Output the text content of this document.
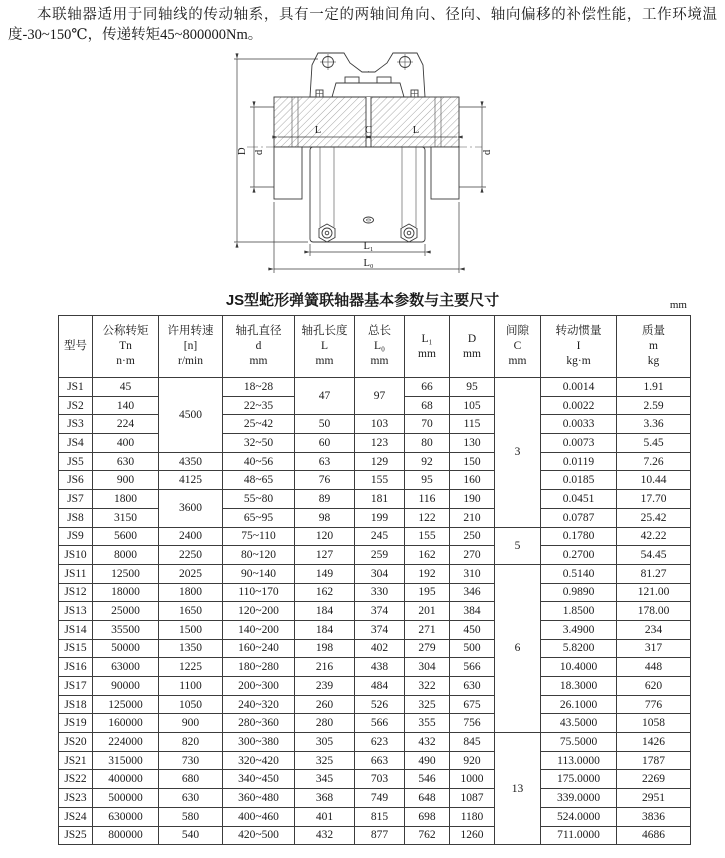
本联轴器适用于同轴线的传动轴系，具有一定的两轴间角向、径向、轴向偏移的补偿性能，工作环境温度-30~150℃，传递转矩45~800000Nm。

D d	d
L	C	L
L₁
L₀
JS型蛇形弹簧联轴器基本参数与主要尺寸	mm
型号

公称转矩
Tn
n·m

许用转速
[n]
r/min

轴孔直径
d
mm

轴孔长度
L
mm

总长
L₀
mm

L₁
mm

D
mm

间隙
C
mm

转动惯量
I
kg·m

质量
m
kg

JS1	45	4500	18~28	47	97	66	95	3	0.0014	1.91
JS2	140		22~35			68	105		0.0022	2.59
JS3	224		25~42	50	103	70	115		0.0033	3.36
JS4	400		32~50	60	123	80	130		0.0073	5.45
JS5	630	4350	40~56	63	129	92	150		0.0119	7.26
JS6	900	4125	48~65	76	155	95	160		0.0185	10.44
JS7	1800	3600	55~80	89	181	116	190		0.0451	17.70
JS8	3150		65~95	98	199	122	210		0.0787	25.42
JS9	5600	2400	75~110	120	245	155	250	5	0.1780	42.22
JS10	8000	2250	80~120	127	259	162	270		0.2700	54.45
JS11	12500	2025	90~140	149	304	192	310	6	0.5140	81.27
JS12	18000	1800	110~170	162	330	195	346		0.9890	121.00
JS13	25000	1650	120~200	184	374	201	384		1.8500	178.00
JS14	35500	1500	140~200	184	374	271	450		3.4900	234
JS15	50000	1350	160~240	198	402	279	500		5.8200	317
JS16	63000	1225	180~280	216	438	304	566		10.4000	448
JS17	90000	1100	200~300	239	484	322	630		18.3000	620
JS18	125000	1050	240~320	260	526	325	675		26.1000	776
JS19	160000	900	280~360	280	566	355	756		43.5000	1058
JS20	224000	820	300~380	305	623	432	845	13	75.5000	1426
JS21	315000	730	320~420	325	663	490	920		113.0000	1787
JS22	400000	680	340~450	345	703	546	1000		175.0000	2269
JS23	500000	630	360~480	368	749	648	1087		339.0000	2951
JS24	630000	580	400~460	401	815	698	1180		524.0000	3836
JS25	800000	540	420~500	432	877	762	1260		711.0000	4686
